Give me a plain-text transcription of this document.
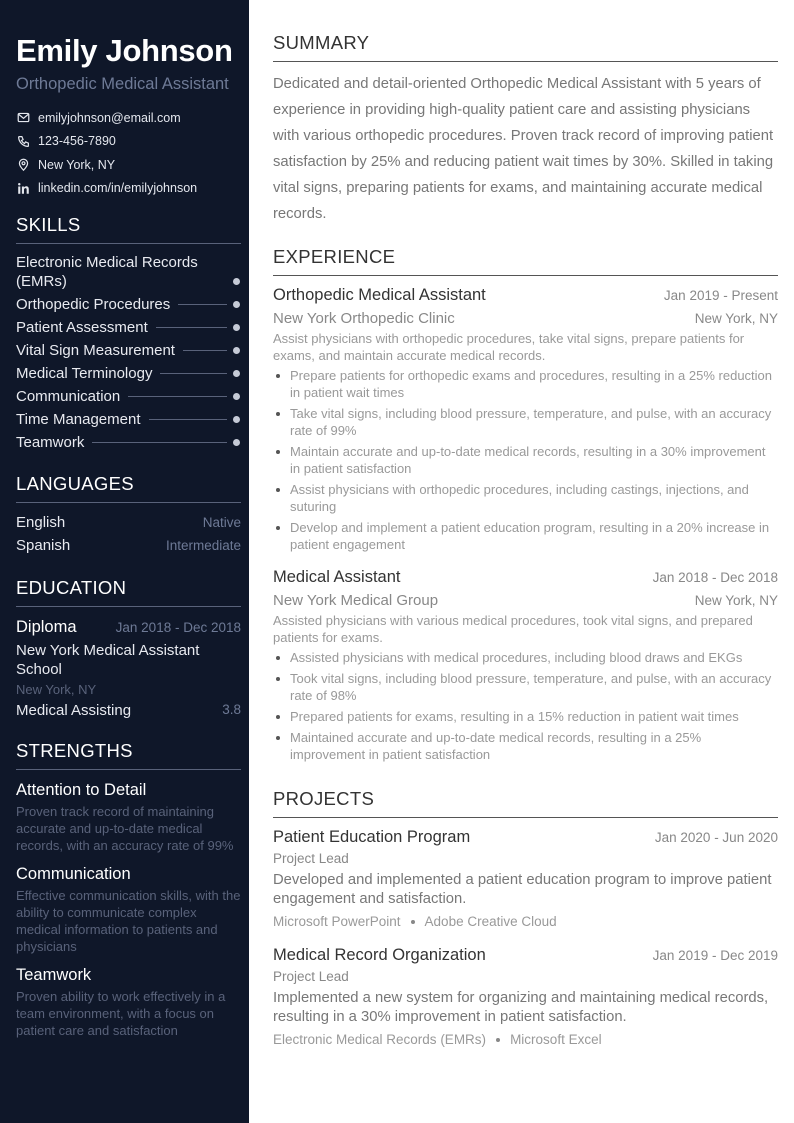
Emily Johnson
Orthopedic Medical Assistant
emilyjohnson@email.com
123-456-7890
New York, NY
linkedin.com/in/emilyjohnson
SKILLS
Electronic Medical Records (EMRs)
Orthopedic Procedures
Patient Assessment
Vital Sign Measurement
Medical Terminology
Communication
Time Management
Teamwork
LANGUAGES
English	Native
Spanish	Intermediate
EDUCATION
Diploma	Jan 2018 - Dec 2018
New York Medical Assistant School
New York, NY
Medical Assisting	3.8
STRENGTHS
Attention to Detail
Proven track record of maintaining accurate and up-to-date medical records, with an accuracy rate of 99%
Communication
Effective communication skills, with the ability to communicate complex medical information to patients and physicians
Teamwork
Proven ability to work effectively in a team environment, with a focus on patient care and satisfaction
SUMMARY

Dedicated and detail-oriented Orthopedic Medical Assistant with 5 years of experience in providing high-quality patient care and assisting physicians with various orthopedic procedures. Proven track record of improving patient satisfaction by 25% and reducing patient wait times by 30%. Skilled in taking vital signs, preparing patients for exams, and maintaining accurate medical records.

EXPERIENCE
Orthopedic Medical Assistant	Jan 2019 - Present
New York Orthopedic Clinic	New York, NY
Assist physicians with orthopedic procedures, take vital signs, prepare patients for exams, and maintain accurate medical records.
Prepare patients for orthopedic exams and procedures, resulting in a 25% reduction in patient wait times
Take vital signs, including blood pressure, temperature, and pulse, with an accuracy rate of 99%
Maintain accurate and up-to-date medical records, resulting in a 30% improvement in patient satisfaction
Assist physicians with orthopedic procedures, including castings, injections, and suturing
Develop and implement a patient education program, resulting in a 20% increase in patient engagement
Medical Assistant	Jan 2018 - Dec 2018
New York Medical Group	New York, NY
Assisted physicians with various medical procedures, took vital signs, and prepared patients for exams.
Assisted physicians with medical procedures, including blood draws and EKGs
Took vital signs, including blood pressure, temperature, and pulse, with an accuracy rate of 98%
Prepared patients for exams, resulting in a 15% reduction in patient wait times
Maintained accurate and up-to-date medical records, resulting in a 25% improvement in patient satisfaction
PROJECTS
Patient Education Program	Jan 2020 - Jun 2020
Project Lead
Developed and implemented a patient education program to improve patient engagement and satisfaction.
Microsoft PowerPoint Adobe Creative Cloud
Medical Record Organization	Jan 2019 - Dec 2019
Project Lead
Implemented a new system for organizing and maintaining medical records, resulting in a 30% improvement in patient satisfaction.
Electronic Medical Records (EMRs) Microsoft Excel
